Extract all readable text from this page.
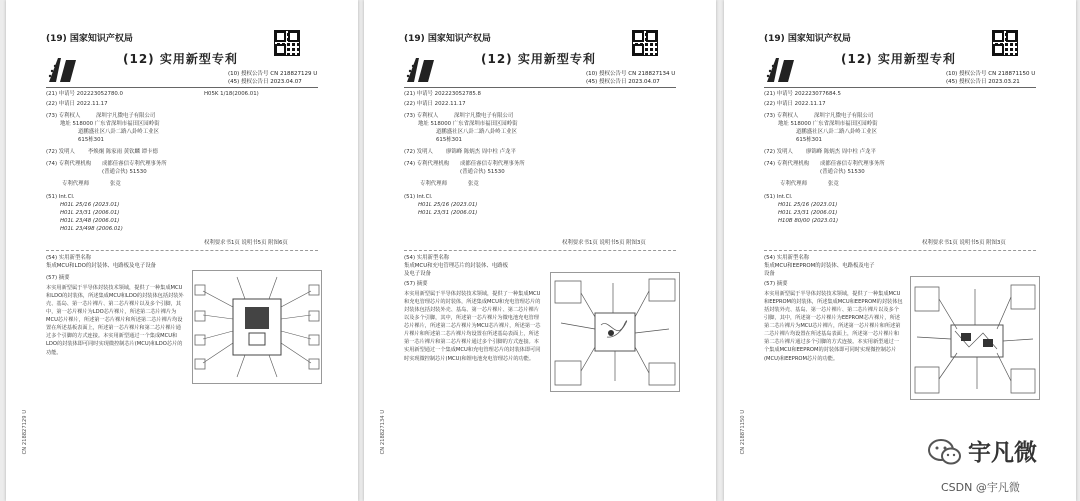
(19) 国家知识产权局
(12) 实用新型专利
(10) 授权公告号 CN 218827129 U
(45) 授权公告日 2023.04.07
(21) 申请号 202223052780.0	H05K 1/18(2006.01)
(22) 申请日 2022.11.17
(73) 专利权人	深圳宇凡微电子有限公司
地址 518000 广东省深圳市福田区园岭街
道鹏盛社区八卦二路八卦岭工业区
615栋301
(72) 发明人 李焕炯 陈家雨 黄钦麟 谭卡德
(74) 专利代理机构 成都佳睿信专利代理事务所
(普通合伙) 51530
专利代理师	张竟
(51) Int.Cl.
H01L 25/16 (2023.01)
H01L 23/31 (2006.01)
H01L 23/48 (2006.01)
H01L 23/498 (2006.01)
权利要求书1页 说明书5页 附图6页
(54) 实用新型名称
集成MCU和LDO的封装体、电路板及电子设备
(57) 摘要
本实用新型属于半导体封装技术领域，提供了一种集成MCU和LDO的封装体，所述集成MCU和LDO的封装体包括封装外壳、基岛、第一芯片裸片、第二芯片裸片以及多个引脚，其中，第一芯片裸片为LDO芯片裸片，所述第二芯片裸片为MCU芯片裸片，所述第一芯片裸片和所述第二芯片裸片均设置在所述基板表面上，所述第一芯片裸片和第二芯片裸片通过多个引脚的方式连接。本实用新型通过一个集成MCU和LDO的封装体即可同时实现微控制芯片(MCU)和LDO芯片的功能。
CN 218827129 U
(19) 国家知识产权局
(12) 实用新型专利
(10) 授权公告号 CN 218827134 U
(45) 授权公告日 2023.04.07
(21) 申请号 202223052785.8
(22) 申请日 2022.11.17
(73) 专利权人	深圳宇凡微电子有限公司
地址 518000 广东省深圳市福田区园岭街
道鹏盛社区八卦二路八卦岭工业区
615栋301
(72) 发明人 廖锦峰 陈炳杰 周中柱 卢龙平
(74) 专利代理机构 成都佳睿信专利代理事务所
(普通合伙) 51530
专利代理师	张竟
(51) Int.Cl.
H01L 25/16 (2023.01)
H01L 23/31 (2006.01)
权利要求书1页 说明书5页 附图3页
(54) 实用新型名称
集成MCU和充电管理芯片的封装体、电路板
及电子设备
(57) 摘要
本实用新型属于半导体封装技术领域，提供了一种集成MCU和充电管理芯片的封装体，所述集成MCU和充电管理芯片的封装体包括封装外壳、基岛、第一芯片裸片、第二芯片裸片以及多个引脚，其中，所述第一芯片裸片为微电池充电管理芯片裸片，所述第二芯片裸片为MCU芯片裸片，所述第一芯片裸片和所述第二芯片裸片均设置在所述基岛表面上，所述第一芯片裸片和第二芯片裸片通过多个引脚的方式连接。本实用新型通过一个集成MCU和充电管理芯片的封装体即可同时实现微控制芯片(MCU)和锂电池充电管理芯片的功能。
CN 218827134 U
(19) 国家知识产权局
(12) 实用新型专利
(10) 授权公告号 CN 218871150 U
(45) 授权公告日 2023.03.21
(21) 申请号 202223077684.5
(22) 申请日 2022.11.17
(73) 专利权人	深圳宇凡微电子有限公司
地址 518000 广东省深圳市福田区园岭街
道鹏盛社区八卦二路八卦岭工业区
615栋301
(72) 发明人 廖锦峰 陈炳杰 周中柱 卢龙平
(74) 专利代理机构 成都佳睿信专利代理事务所
(普通合伙) 51530
专利代理师	张竟
(51) Int.Cl.
H01L 25/16 (2023.01)
H01L 23/31 (2006.01)
H10B 80/00 (2023.01)
权利要求书1页 说明书5页 附图3页
(54) 实用新型名称
集成MCU和EEPROM的封装体、电路板及电子
设备
(57) 摘要
本实用新型属于半导体封装技术领域，提供了一种集成MCU和EEPROM的封装体，所述集成MCU和EEPROM的封装体包括封装外壳、基岛、第一芯片裸片、第二芯片裸片以及多个引脚，其中，所述第一芯片裸片为EEPROM芯片裸片，所述第二芯片裸片为MCU芯片裸片，所述第一芯片裸片和所述第二芯片裸片均设置在所述基岛表面上，所述第一芯片裸片和第二芯片裸片通过多个引脚的方式连接。本实用新型通过一个集成MCU和EEPROM的封装体即可同时实现微控制芯片(MCU)和EEPROM芯片的功能。
CN 218871150 U	宇凡微
CSDN @宇凡微
